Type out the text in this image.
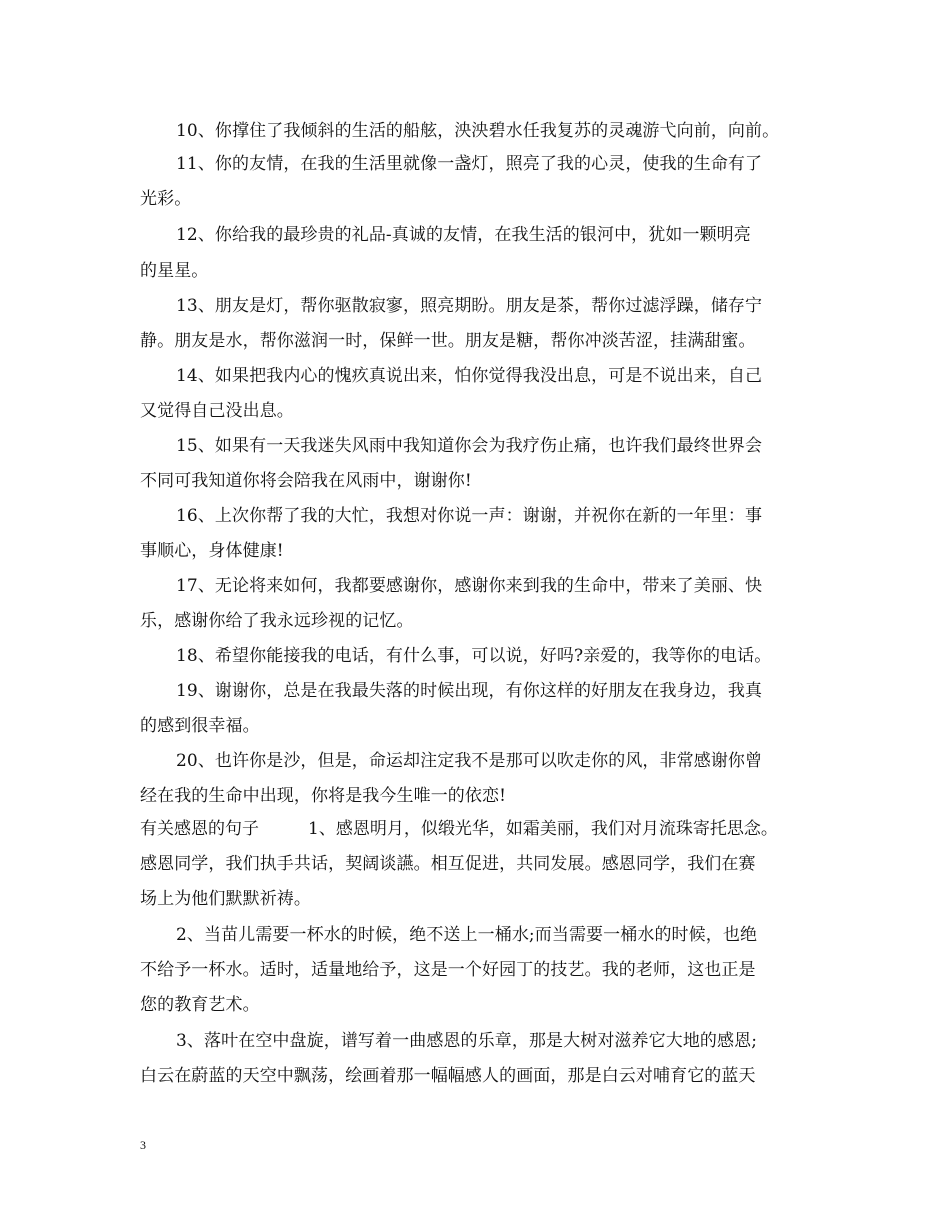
10、你撑住了我倾斜的生活的船舷，泱泱碧水任我复苏的灵魂游弋向前，向前。
11、你的友情，在我的生活里就像一盏灯，照亮了我的心灵，使我的生命有了
光彩。
12、你给我的最珍贵的礼品-真诚的友情，在我生活的银河中，犹如一颗明亮
的星星。
13、朋友是灯，帮你驱散寂寥，照亮期盼。朋友是茶，帮你过滤浮躁，储存宁
静。朋友是水，帮你滋润一时，保鲜一世。朋友是糖，帮你冲淡苦涩，挂满甜蜜。
14、如果把我内心的愧疚真说出来，怕你觉得我没出息，可是不说出来，自己
又觉得自己没出息。
15、如果有一天我迷失风雨中我知道你会为我疗伤止痛，也许我们最终世界会
不同可我知道你将会陪我在风雨中，谢谢你!
16、上次你帮了我的大忙，我想对你说一声：谢谢，并祝你在新的一年里：事
事顺心，身体健康!
17、无论将来如何，我都要感谢你，感谢你来到我的生命中，带来了美丽、快
乐，感谢你给了我永远珍视的记忆。
18、希望你能接我的电话，有什么事，可以说，好吗?亲爱的，我等你的电话。
19、谢谢你，总是在我最失落的时候出现，有你这样的好朋友在我身边，我真
的感到很幸福。
20、也许你是沙，但是，命运却注定我不是那可以吹走你的风，非常感谢你曾
经在我的生命中出现，你将是我今生唯一的依恋!
有关感恩的句子	1、感恩明月，似缎光华，如霜美丽，我们对月流珠寄托思念。
感恩同学，我们执手共话，契阔谈讌。相互促进，共同发展。感恩同学，我们在赛
场上为他们默默祈祷。
2、当苗儿需要一杯水的时候，绝不送上一桶水;而当需要一桶水的时候，也绝
不给予一杯水。适时，适量地给予，这是一个好园丁的技艺。我的老师，这也正是
您的教育艺术。
3、落叶在空中盘旋，谱写着一曲感恩的乐章，那是大树对滋养它大地的感恩;
白云在蔚蓝的天空中飘荡，绘画着那一幅幅感人的画面，那是白云对哺育它的蓝天
3
